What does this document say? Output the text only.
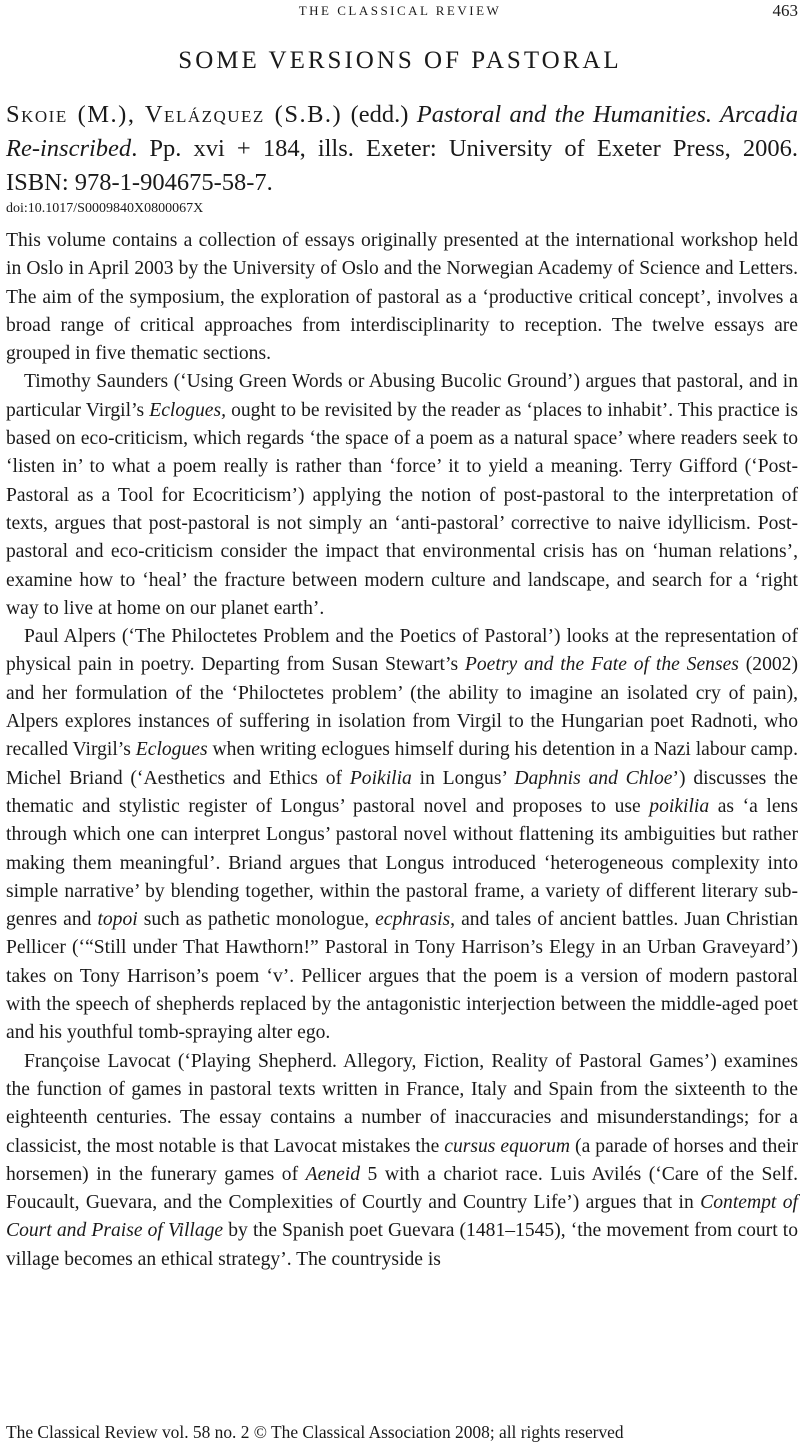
THE CLASSICAL REVIEW	463
SOME VERSIONS OF PASTORAL
Skoie (M.), Velázquez (S.B.) (edd.) Pastoral and the Humanities. Arcadia Re-inscribed. Pp. xvi + 184, ills. Exeter: University of Exeter Press, 2006. ISBN: 978-1-904675-58-7.
doi:10.1017/S0009840X0800067X

This volume contains a collection of essays originally presented at the international workshop held in Oslo in April 2003 by the University of Oslo and the Norwegian Academy of Science and Letters. The aim of the symposium, the exploration of pastoral as a ‘productive critical concept’, involves a broad range of critical approaches from interdisciplinarity to reception. The twelve essays are grouped in five thematic sections.

Timothy Saunders (‘Using Green Words or Abusing Bucolic Ground’) argues that pastoral, and in particular Virgil’s Eclogues, ought to be revisited by the reader as ‘places to inhabit’. This practice is based on eco-criticism, which regards ‘the space of a poem as a natural space’ where readers seek to ‘listen in’ to what a poem really is rather than ‘force’ it to yield a meaning. Terry Gifford (‘Post-Pastoral as a Tool for Ecocriticism’) applying the notion of post-pastoral to the interpretation of texts, argues that post-pastoral is not simply an ‘anti-pastoral’ corrective to naive idyllicism. Post-pastoral and eco-criticism consider the impact that environmental crisis has on ‘human relations’, examine how to ‘heal’ the fracture between modern culture and landscape, and search for a ‘right way to live at home on our planet earth’.

Paul Alpers (‘The Philoctetes Problem and the Poetics of Pastoral’) looks at the representation of physical pain in poetry. Departing from Susan Stewart’s Poetry and the Fate of the Senses (2002) and her formulation of the ‘Philoctetes problem’ (the ability to imagine an isolated cry of pain), Alpers explores instances of suffering in isolation from Virgil to the Hungarian poet Radnoti, who recalled Virgil’s Eclogues when writing eclogues himself during his detention in a Nazi labour camp. Michel Briand (‘Aesthetics and Ethics of Poikilia in Longus’ Daphnis and Chloe’) discusses the thematic and stylistic register of Longus’ pastoral novel and proposes to use poikilia as ‘a lens through which one can interpret Longus’ pastoral novel without flattening its ambiguities but rather making them meaningful’. Briand argues that Longus introduced ‘heterogeneous complexity into simple narrative’ by blending together, within the pastoral frame, a variety of different literary sub-genres and topoi such as pathetic monologue, ecphrasis, and tales of ancient battles. Juan Christian Pellicer (‘“Still under That Hawthorn!” Pastoral in Tony Harrison’s Elegy in an Urban Graveyard’) takes on Tony Harrison’s poem ‘v’. Pellicer argues that the poem is a version of modern pastoral with the speech of shepherds replaced by the antagonistic interjection between the middle-aged poet and his youthful tomb-spraying alter ego.

Françoise Lavocat (‘Playing Shepherd. Allegory, Fiction, Reality of Pastoral Games’) examines the function of games in pastoral texts written in France, Italy and Spain from the sixteenth to the eighteenth centuries. The essay contains a number of inaccuracies and misunderstandings; for a classicist, the most notable is that Lavocat mistakes the cursus equorum (a parade of horses and their horsemen) in the funerary games of Aeneid 5 with a chariot race. Luis Avilés (‘Care of the Self. Foucault, Guevara, and the Complexities of Courtly and Country Life’) argues that in Contempt of Court and Praise of Village by the Spanish poet Guevara (1481–1545), ‘the movement from court to village becomes an ethical strategy’. The countryside is

The Classical Review vol. 58 no. 2 © The Classical Association 2008; all rights reserved
